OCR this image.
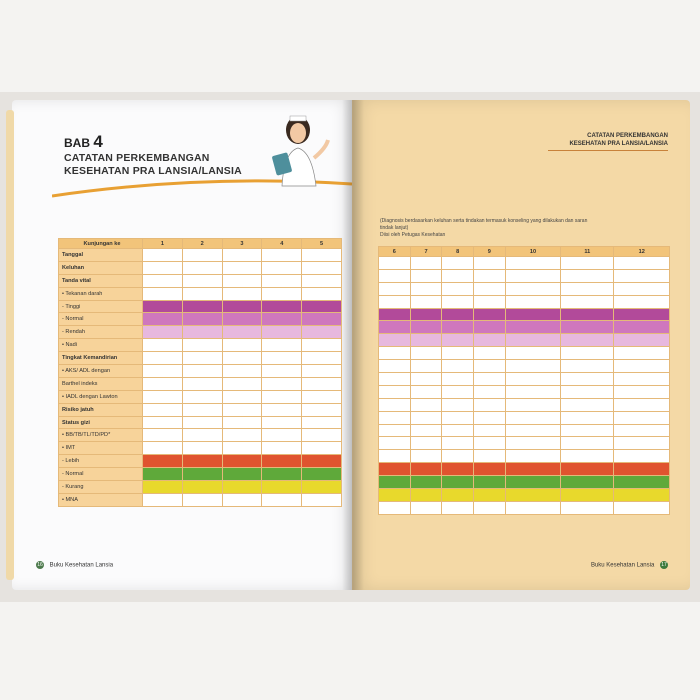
BAB 4
CATATAN PERKEMBANGAN
KESEHATAN PRA LANSIA/LANSIA
Kunjungan ke	1	2	3	4	5
Tanggal					
Keluhan					
Tanda vital					
• Tekanan darah					
- Tinggi					
- Normal					
- Rendah					
• Nadi					
Tingkat Kemandirian					
• AKS/ ADL dengan					
Barthel indeks					
• IADL dengan Lawton					
Risiko jatuh					
Status gizi					
• BB/TB/TL/TD/PD*					
• IMT					
- Lebih					
- Normal					
- Kurang					
• MNA					
16 Buku Kesehatan Lansia
CATATAN PERKEMBANGAN
KESEHATAN PRA LANSIA/LANSIA
(Diagnosis berdasarkan keluhan serta tindakan termasuk konseling yang dilakukan dan saran
tindak lanjut)
Diisi oleh Petugas Kesehatan
6	7	8	9	10	11	12

Buku Kesehatan Lansia 17
